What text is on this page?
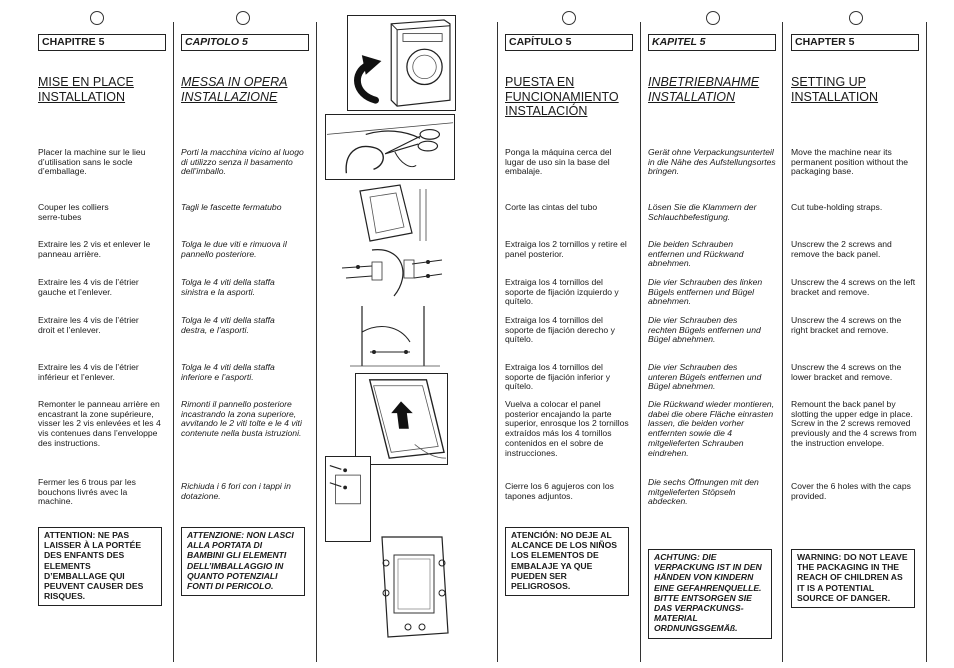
CHAPITRE 5
MISE EN PLACE
INSTALLATION
Placer la machine sur le lieu d’utilisation sans le socle d’emballage.
Couper les colliers serre-tubes
Extraire les 2 vis et enlever le panneau arrière.
Extraire les 4 vis de l’étrier gauche et l’enlever.
Extraire les 4 vis de l’étrier droit et l’enlever.
Extraire les 4 vis de l’étrier inférieur et l’enlever.
Remonter le panneau arrière en encastrant la zone supérieure, visser les 2 vis enlevées et les 4 vis contenues dans l’enveloppe des instructions.
Fermer les 6 trous par les bouchons livrés avec la machine.
ATTENTION: NE PAS LAISSER À LA PORTÉE DES ENFANTS DES ELEMENTS D’EMBALLAGE QUI PEUVENT CAUSER DES RISQUES.
CAPITOLO 5
MESSA IN OPERA
INSTALLAZIONE
Porti la macchina vicino al luogo di utilizzo senza il basamento dell’imballo.
Tagli le fascette fermatubo
Tolga le due viti e rimuova il pannello posteriore.
Tolga le 4 viti della staffa sinistra e la asporti.
Tolga le 4 viti della staffa destra, e l’asporti.
Tolga le 4 viti della staffa inferiore e l’asporti.
Rimonti il pannello posteriore incastrando la zona superiore, avvitando le 2 viti tolte e le 4 viti contenute nella busta istruzioni.
Richiuda i 6 fori con i tappi in dotazione.
ATTENZIONE: NON LASCI ALLA PORTATA DI BAMBINI GLI ELEMENTI DELL’IMBALLAGGIO IN QUANTO POTENZIALI FONTI DI PERICOLO.
CAPÍTULO 5
PUESTA EN
FUNCIONAMIENTO
INSTALACIÓN
Ponga la máquina cerca del lugar de uso sin la base del embalaje.
Corte las cintas del tubo
Extraiga los 2 tornillos y retire el panel posterior.
Extraiga los 4 tornillos del soporte de fijación izquierdo y quítelo.
Extraiga los 4 tornillos del soporte de fijación derecho y quítelo.
Extraiga los 4 tornillos del soporte de fijación inferior y quítelo.
Vuelva a colocar el panel posterior encajando la parte superior, enrosque los 2 tornillos extraídos más los 4 tornillos contenidos en el sobre de instrucciones.
Cierre los 6 agujeros con los tapones adjuntos.
ATENCIÓN: NO DEJE AL ALCANCE DE LOS NIÑOS LOS ELEMENTOS DE EMBALAJE YA QUE PUEDEN SER PELIGROSOS.
KAPITEL 5
INBETRIEBNAHME
INSTALLATION
Gerät ohne Verpackungsunterteil in die Nähe des Aufstellungsortes bringen.
Lösen Sie die Klammern der Schlauchbefestigung.
Die beiden Schrauben entfernen und Rückwand abnehmen.
Die vier Schrauben des linken Bügels entfernen und Bügel abnehmen.
Die vier Schrauben des rechten Bügels entfernen und Bügel abnehmen.
Die vier Schrauben des unteren Bügels entfernen und Bügel abnehmen.
Die Rückwand wieder montieren, dabei die obere Fläche einrasten lassen, die beiden vorher entfernten sowie die 4 mitgelieferten Schrauben eindrehen.
Die sechs Öffnungen mit den mitgelieferten Stöpseln abdecken.
ACHTUNG: DIE VERPACKUNG IST IN DEN HÄNDEN VON KINDERN EINE GEFAHRENQUELLE. BITTE ENTSORGEN SIE DAS VERPACKUNGS-MATERIAL ORDNUNGSGEMÄß.
CHAPTER 5
SETTING UP
INSTALLATION
Move the machine near its permanent position without the packaging base.
Cut tube-holding straps.
Unscrew the 2 screws and remove the back panel.
Unscrew the 4 screws on the left bracket and remove.
Unscrew the 4 screws on the right bracket and remove.
Unscrew the 4 screws on the lower bracket and remove.
Remount the back panel by slotting the upper edge in place. Screw in the 2 screws removed previously and the 4 screws from the instruction envelope.
Cover the 6 holes with the caps provided.
WARNING: DO NOT LEAVE THE PACKAGING IN THE REACH OF CHILDREN AS IT IS A POTENTIAL SOURCE OF DANGER.
